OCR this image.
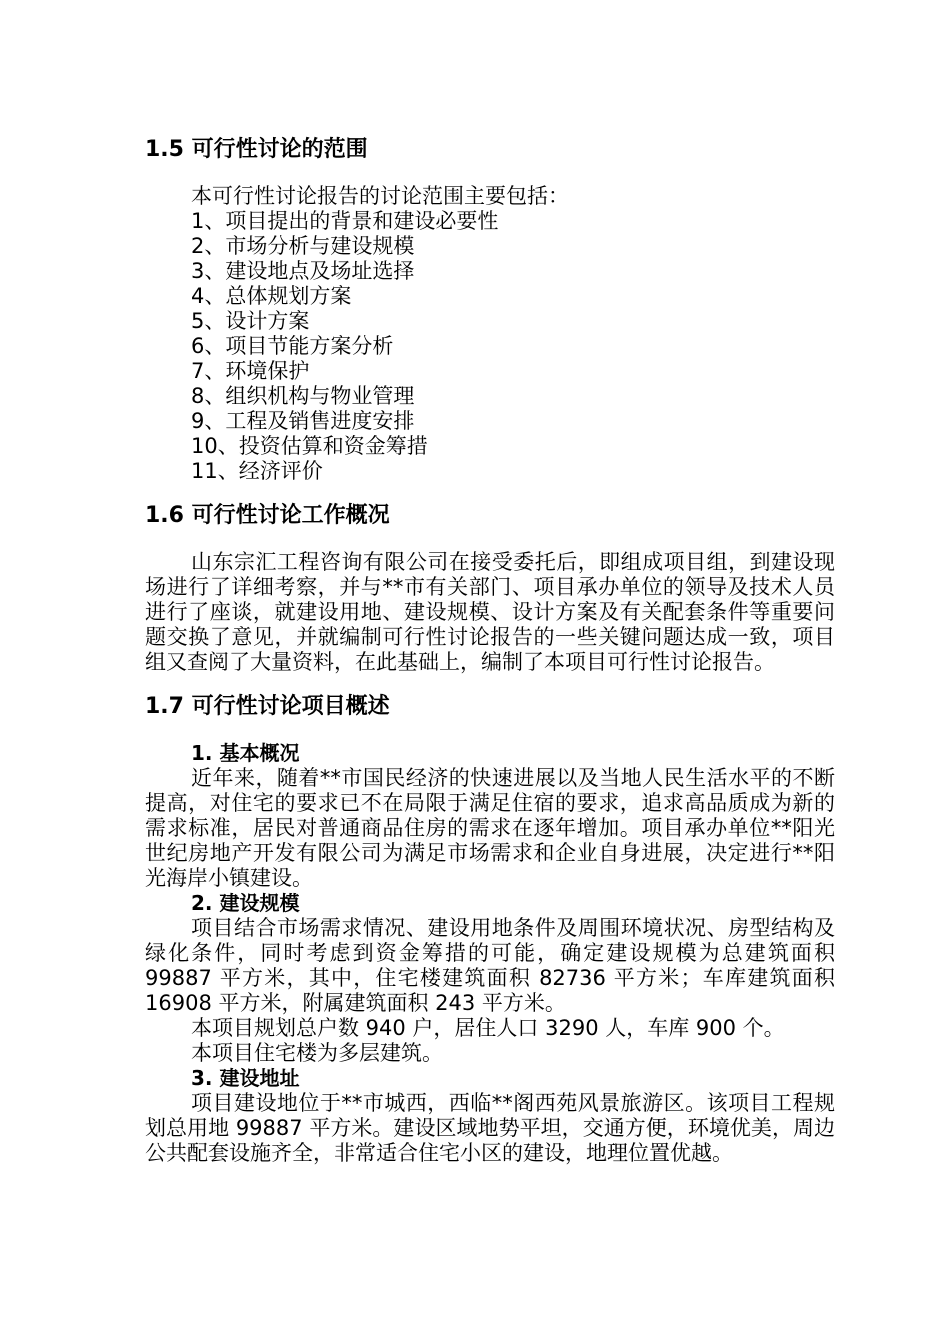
1.5 可行性讨论的范围

本可行性讨论报告的讨论范围主要包括：

1、项目提出的背景和建设必要性
2、市场分析与建设规模
3、建设地点及场址选择
4、总体规划方案
5、设计方案
6、项目节能方案分析
7、环境保护
8、组织机构与物业管理
9、工程及销售进度安排
10、投资估算和资金筹措
11、经济评价
1.6 可行性讨论工作概况

山东宗汇工程咨询有限公司在接受委托后，即组成项目组，到建设现场进行了详细考察，并与**市有关部门、项目承办单位的领导及技术人员进行了座谈，就建设用地、建设规模、设计方案及有关配套条件等重要问题交换了意见，并就编制可行性讨论报告的一些关键问题达成一致，项目组又查阅了大量资料，在此基础上，编制了本项目可行性讨论报告。

1.7 可行性讨论项目概述

1. 基本概况

近年来，随着**市国民经济的快速进展以及当地人民生活水平的不断提高，对住宅的要求已不在局限于满足住宿的要求，追求高品质成为新的需求标准，居民对普通商品住房的需求在逐年增加。项目承办单位**阳光世纪房地产开发有限公司为满足市场需求和企业自身进展，决定进行**阳光海岸小镇建设。

2. 建设规模

项目结合市场需求情况、建设用地条件及周围环境状况、房型结构及绿化条件，同时考虑到资金筹措的可能，确定建设规模为总建筑面积 99887 平方米，其中，住宅楼建筑面积 82736 平方米；车库建筑面积 16908 平方米，附属建筑面积 243 平方米。

本项目规划总户数 940 户，居住人口 3290 人，车库 900 个。

本项目住宅楼为多层建筑。

3. 建设地址

项目建设地位于**市城西，西临**阁西苑风景旅游区。该项目工程规划总用地 99887 平方米。建设区域地势平坦，交通方便，环境优美，周边公共配套设施齐全，非常适合住宅小区的建设，地理位置优越。
